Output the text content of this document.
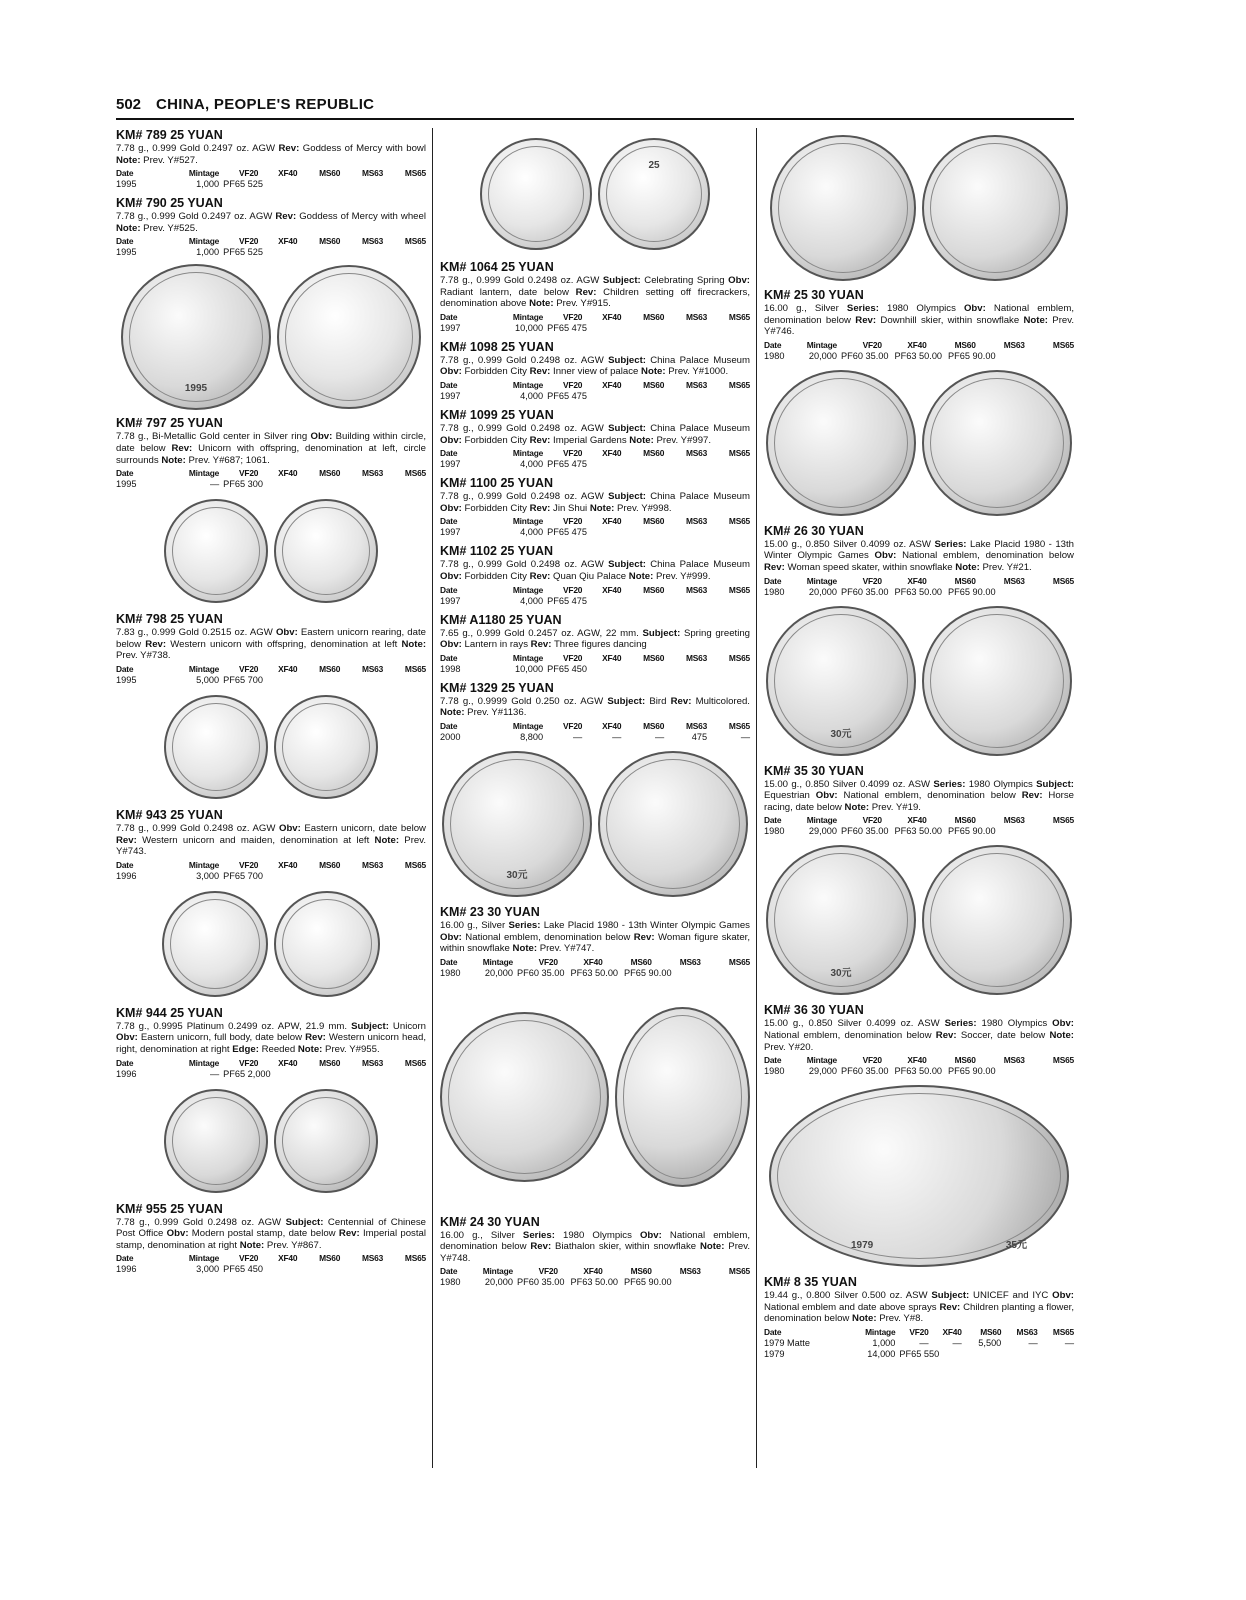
502 CHINA, PEOPLE'S REPUBLIC
KM# 789 25 YUAN
7.78 g., 0.999 Gold 0.2497 oz. AGW Rev: Goddess of Mercy with bowl Note: Prev. Y#527.
Date	Mintage	VF20	XF40	MS60	MS63	MS65
1995	1,000	PF65 525				
KM# 790 25 YUAN
7.78 g., 0.999 Gold 0.2497 oz. AGW Rev: Goddess of Mercy with wheel Note: Prev. Y#525.
Date	Mintage	VF20	XF40	MS60	MS63	MS65
1995	1,000	PF65 525				
1995
KM# 797 25 YUAN
7.78 g., Bi-Metallic Gold center in Silver ring Obv: Building within circle, date below Rev: Unicorn with offspring, denomination at left, circle surrounds Note: Prev. Y#687; 1061.
Date	Mintage	VF20	XF40	MS60	MS63	MS65
1995	—	PF65 300				
KM# 798 25 YUAN
7.83 g., 0.999 Gold 0.2515 oz. AGW Obv: Eastern unicorn rearing, date below Rev: Western unicorn with offspring, denomination at left Note: Prev. Y#738.
Date	Mintage	VF20	XF40	MS60	MS63	MS65
1995	5,000	PF65 700				
KM# 943 25 YUAN
7.78 g., 0.999 Gold 0.2498 oz. AGW Obv: Eastern unicorn, date below Rev: Western unicorn and maiden, denomination at left Note: Prev. Y#743.
Date	Mintage	VF20	XF40	MS60	MS63	MS65
1996	3,000	PF65 700				
KM# 944 25 YUAN
7.78 g., 0.9995 Platinum 0.2499 oz. APW, 21.9 mm. Subject: Unicorn Obv: Eastern unicorn, full body, date below Rev: Western unicorn head, right, denomination at right Edge: Reeded Note: Prev. Y#955.
Date	Mintage	VF20	XF40	MS60	MS63	MS65
1996	—	PF65 2,000				
KM# 955 25 YUAN
7.78 g., 0.999 Gold 0.2498 oz. AGW Subject: Centennial of Chinese Post Office Obv: Modern postal stamp, date below Rev: Imperial postal stamp, denomination at right Note: Prev. Y#867.
Date	Mintage	VF20	XF40	MS60	MS63	MS65
1996	3,000	PF65 450				
25
KM# 1064 25 YUAN
7.78 g., 0.999 Gold 0.2498 oz. AGW Subject: Celebrating Spring Obv: Radiant lantern, date below Rev: Children setting off firecrackers, denomination above Note: Prev. Y#915.
Date	Mintage	VF20	XF40	MS60	MS63	MS65
1997	10,000	PF65 475				
KM# 1098 25 YUAN
7.78 g., 0.999 Gold 0.2498 oz. AGW Subject: China Palace Museum Obv: Forbidden City Rev: Inner view of palace Note: Prev. Y#1000.
Date	Mintage	VF20	XF40	MS60	MS63	MS65
1997	4,000	PF65 475				
KM# 1099 25 YUAN
7.78 g., 0.999 Gold 0.2498 oz. AGW Subject: China Palace Museum Obv: Forbidden City Rev: Imperial Gardens Note: Prev. Y#997.
Date	Mintage	VF20	XF40	MS60	MS63	MS65
1997	4,000	PF65 475				
KM# 1100 25 YUAN
7.78 g., 0.999 Gold 0.2498 oz. AGW Subject: China Palace Museum Obv: Forbidden City Rev: Jin Shui Note: Prev. Y#998.
Date	Mintage	VF20	XF40	MS60	MS63	MS65
1997	4,000	PF65 475				
KM# 1102 25 YUAN
7.78 g., 0.999 Gold 0.2498 oz. AGW Subject: China Palace Museum Obv: Forbidden City Rev: Quan Qiu Palace Note: Prev. Y#999.
Date	Mintage	VF20	XF40	MS60	MS63	MS65
1997	4,000	PF65 475				
KM# A1180 25 YUAN
7.65 g., 0.999 Gold 0.2457 oz. AGW, 22 mm. Subject: Spring greeting Obv: Lantern in rays Rev: Three figures dancing
Date	Mintage	VF20	XF40	MS60	MS63	MS65
1998	10,000	PF65 450				
KM# 1329 25 YUAN
7.78 g., 0.9999 Gold 0.250 oz. AGW Subject: Bird Rev: Multicolored. Note: Prev. Y#1136.
Date	Mintage	VF20	XF40	MS60	MS63	MS65
2000	8,800	—	—	—	475	—
30元
KM# 23 30 YUAN
16.00 g., Silver Series: Lake Placid 1980 - 13th Winter Olympic Games Obv: National emblem, denomination below Rev: Woman figure skater, within snowflake Note: Prev. Y#747.
Date	Mintage	VF20	XF40	MS60	MS63	MS65
1980	20,000	PF60 35.00 PF63 50.00 PF65 90.00				
KM# 24 30 YUAN
16.00 g., Silver Series: 1980 Olympics Obv: National emblem, denomination below Rev: Biathalon skier, within snowflake Note: Prev. Y#748.
Date	Mintage	VF20	XF40	MS60	MS63	MS65
1980	20,000	PF60 35.00 PF63 50.00 PF65 90.00				
KM# 25 30 YUAN
16.00 g., Silver Series: 1980 Olympics Obv: National emblem, denomination below Rev: Downhill skier, within snowflake Note: Prev. Y#746.
Date	Mintage	VF20	XF40	MS60	MS63	MS65
1980	20,000	PF60 35.00 PF63 50.00 PF65 90.00				
KM# 26 30 YUAN
15.00 g., 0.850 Silver 0.4099 oz. ASW Series: Lake Placid 1980 - 13th Winter Olympic Games Obv: National emblem, denomination below Rev: Woman speed skater, within snowflake Note: Prev. Y#21.
Date	Mintage	VF20	XF40	MS60	MS63	MS65
1980	20,000	PF60 35.00 PF63 50.00 PF65 90.00				
30元
KM# 35 30 YUAN
15.00 g., 0.850 Silver 0.4099 oz. ASW Series: 1980 Olympics Subject: Equestrian Obv: National emblem, denomination below Rev: Horse racing, date below Note: Prev. Y#19.
Date	Mintage	VF20	XF40	MS60	MS63	MS65
1980	29,000	PF60 35.00 PF63 50.00 PF65 90.00				
30元
KM# 36 30 YUAN
15.00 g., 0.850 Silver 0.4099 oz. ASW Series: 1980 Olympics Obv: National emblem, denomination below Rev: Soccer, date below Note: Prev. Y#20.
Date	Mintage	VF20	XF40	MS60	MS63	MS65
1980	29,000	PF60 35.00 PF63 50.00 PF65 90.00				
1979	35元
KM# 8 35 YUAN
19.44 g., 0.800 Silver 0.500 oz. ASW Subject: UNICEF and IYC Obv: National emblem and date above sprays Rev: Children planting a flower, denomination below Note: Prev. Y#8.
Date	Mintage	VF20	XF40	MS60	MS63	MS65
1979 Matte	1,000	—	—	5,500	—	—
1979	14,000	PF65 550				
